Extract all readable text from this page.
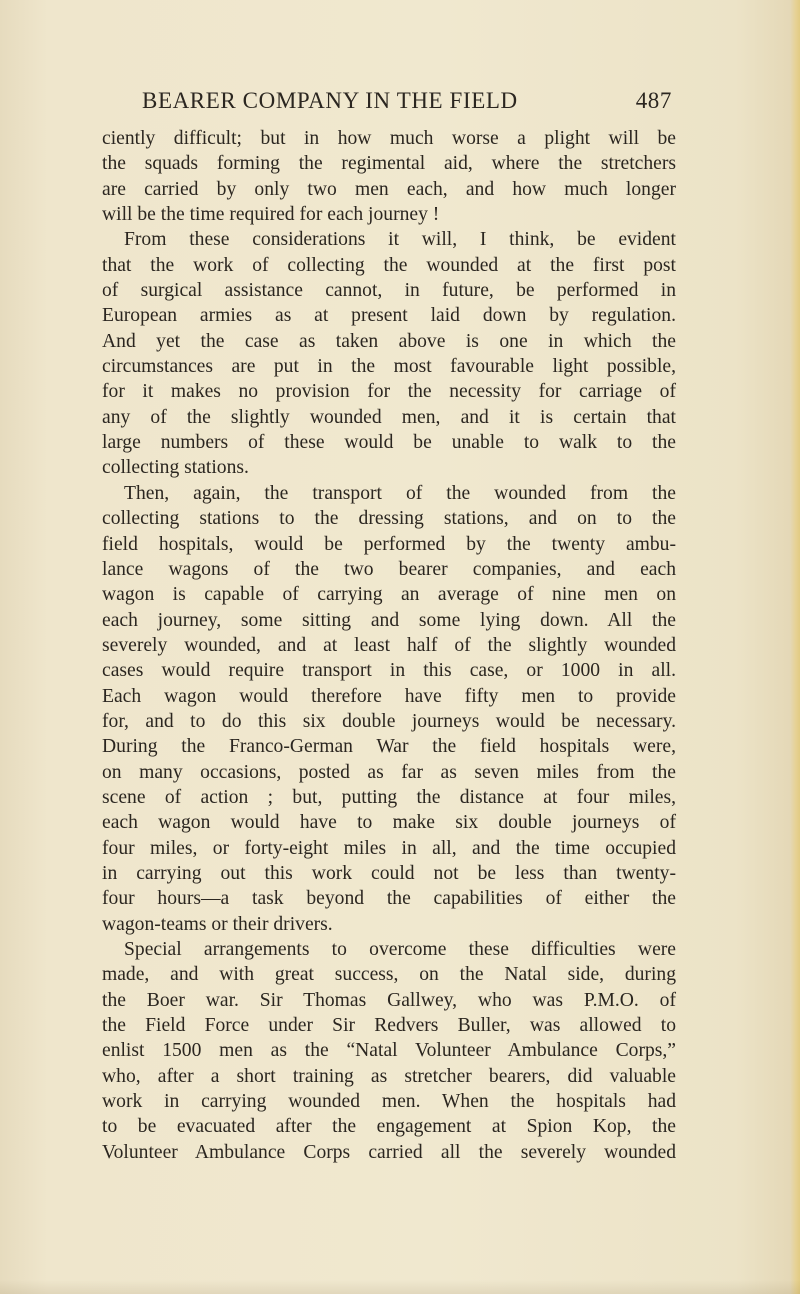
BEARER COMPANY IN THE FIELD	487
ciently difficult; but in how much worse a plight will be
the squads forming the regimental aid, where the stretchers
are carried by only two men each, and how much longer
will be the time required for each journey !
From these considerations it will, I think, be evident
that the work of collecting the wounded at the first post
of surgical assistance cannot, in future, be performed in
European armies as at present laid down by regulation.
And yet the case as taken above is one in which the
circumstances are put in the most favourable light possible,
for it makes no provision for the necessity for carriage of
any of the slightly wounded men, and it is certain that
large numbers of these would be unable to walk to the
collecting stations.
Then, again, the transport of the wounded from the
collecting stations to the dressing stations, and on to the
field hospitals, would be performed by the twenty ambu-
lance wagons of the two bearer companies, and each
wagon is capable of carrying an average of nine men on
each journey, some sitting and some lying down. All the
severely wounded, and at least half of the slightly wounded
cases would require transport in this case, or 1000 in all.
Each wagon would therefore have fifty men to provide
for, and to do this six double journeys would be necessary.
During the Franco-German War the field hospitals were,
on many occasions, posted as far as seven miles from the
scene of action ; but, putting the distance at four miles,
each wagon would have to make six double journeys of
four miles, or forty-eight miles in all, and the time occupied
in carrying out this work could not be less than twenty-
four hours—a task beyond the capabilities of either the
wagon-teams or their drivers.
Special arrangements to overcome these difficulties were
made, and with great success, on the Natal side, during
the Boer war. Sir Thomas Gallwey, who was P.M.O. of
the Field Force under Sir Redvers Buller, was allowed to
enlist 1500 men as the “Natal Volunteer Ambulance Corps,”
who, after a short training as stretcher bearers, did valuable
work in carrying wounded men. When the hospitals had
to be evacuated after the engagement at Spion Kop, the
Volunteer Ambulance Corps carried all the severely wounded
